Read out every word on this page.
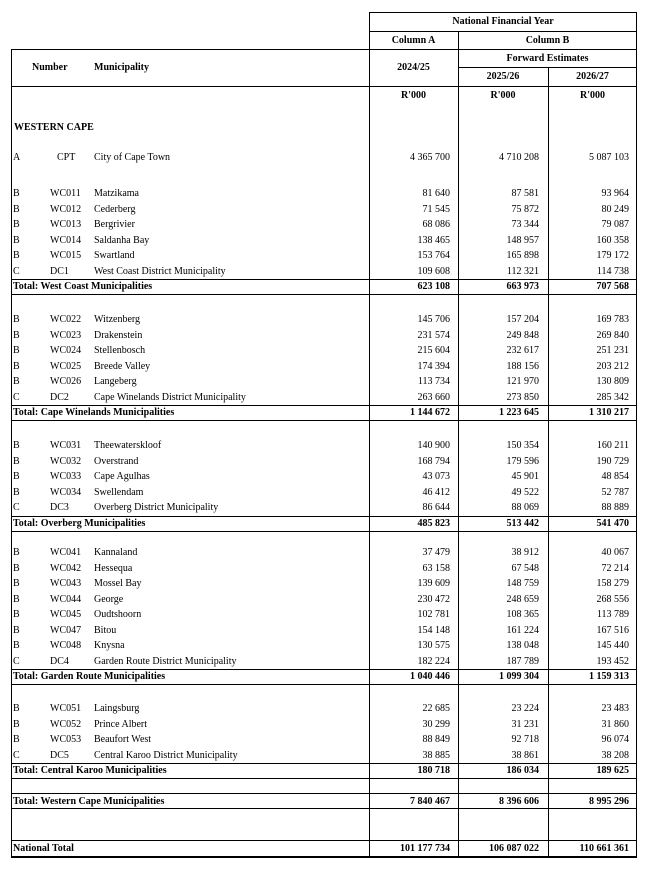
National Financial Year
Column A	Column B
Forward Estimates
Number	Municipality	2024/25
2025/26	2026/27
R'000	R'000	R'000
WESTERN CAPE
A	CPT City of Cape Town	4 365 700	4 710 208	5 087 103
B	WC011 Matzikama	81 640	87 581	93 964
B	WC012 Cederberg	71 545	75 872	80 249
B	WC013 Bergrivier	68 086	73 344	79 087
B	WC014 Saldanha Bay	138 465	148 957	160 358
B	WC015 Swartland	153 764	165 898	179 172
C	DC1	West Coast District Municipality	109 608	112 321	114 738
Total: West Coast Municipalities	623 108	663 973	707 568
B	WC022 Witzenberg	145 706	157 204	169 783
B	WC023 Drakenstein	231 574	249 848	269 840
B	WC024 Stellenbosch	215 604	232 617	251 231
B	WC025 Breede Valley	174 394	188 156	203 212
B	WC026 Langeberg	113 734	121 970	130 809
C	DC2	Cape Winelands District Municipality	263 660	273 850	285 342
Total: Cape Winelands Municipalities	1 144 672	1 223 645	1 310 217
B	WC031 Theewaterskloof	140 900	150 354	160 211
B	WC032 Overstrand	168 794	179 596	190 729
B	WC033 Cape Agulhas	43 073	45 901	48 854
B	WC034 Swellendam	46 412	49 522	52 787
C	DC3	Overberg District Municipality	86 644	88 069	88 889
Total: Overberg Municipalities	485 823	513 442	541 470
B	WC041 Kannaland	37 479	38 912	40 067
B	WC042 Hessequa	63 158	67 548	72 214
B	WC043 Mossel Bay	139 609	148 759	158 279
B	WC044 George	230 472	248 659	268 556
B	WC045 Oudtshoorn	102 781	108 365	113 789
B	WC047 Bitou	154 148	161 224	167 516
B	WC048 Knysna	130 575	138 048	145 440
C	DC4	Garden Route District Municipality	182 224	187 789	193 452
Total: Garden Route Municipalities	1 040 446	1 099 304	1 159 313
B	WC051 Laingsburg	22 685	23 224	23 483
B	WC052 Prince Albert	30 299	31 231	31 860
B	WC053 Beaufort West	88 849	92 718	96 074
C	DC5	Central Karoo District Municipality	38 885	38 861	38 208
Total: Central Karoo Municipalities	180 718	186 034	189 625
Total: Western Cape Municipalities	7 840 467	8 396 606	8 995 296
National Total	101 177 734	106 087 022	110 661 361
